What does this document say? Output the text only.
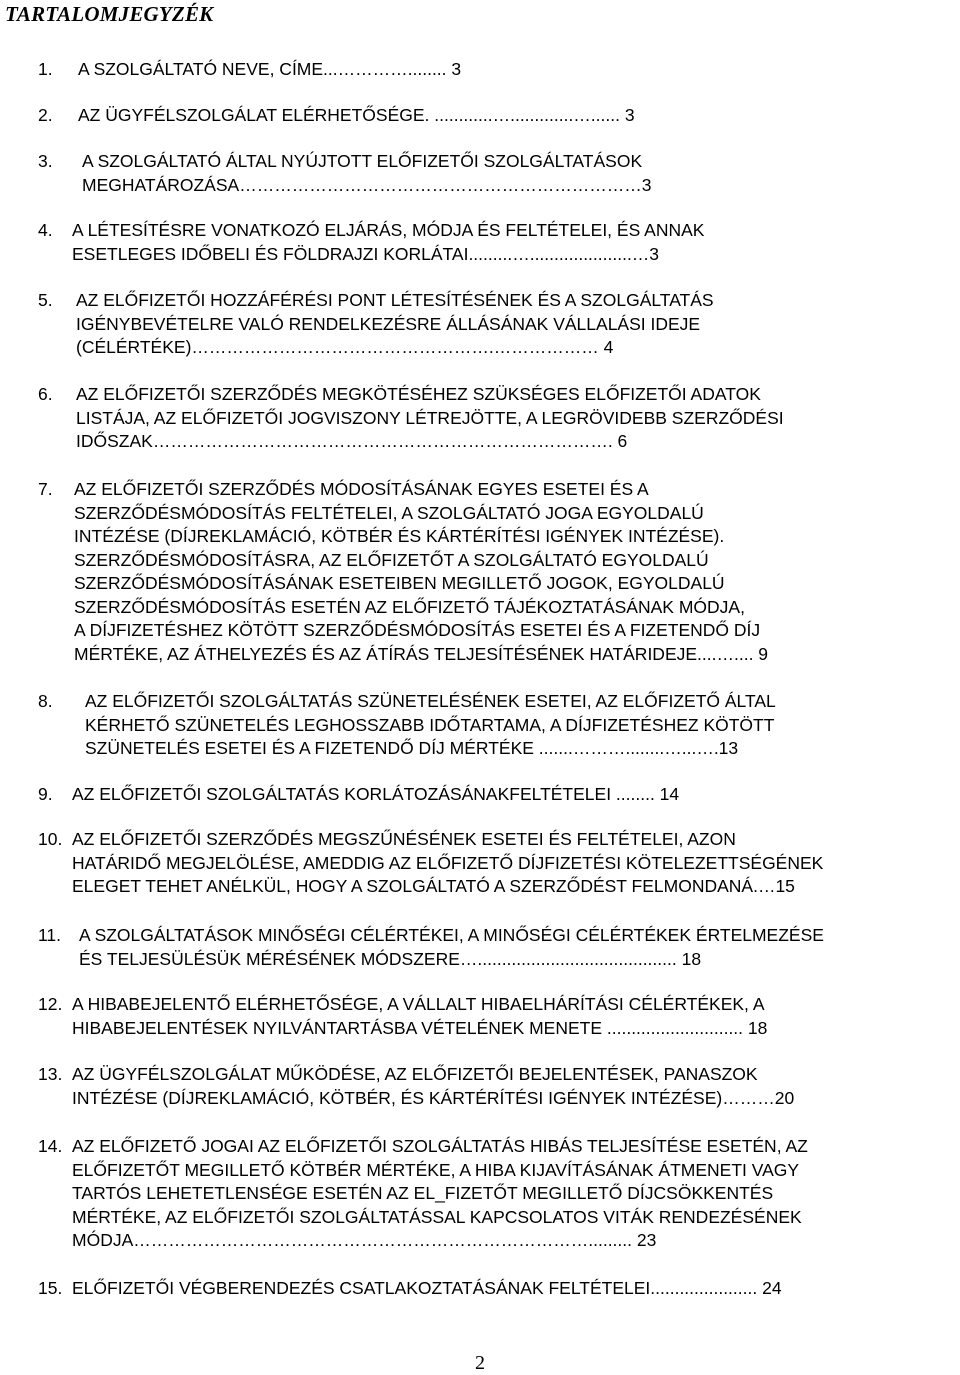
TARTALOMJEGYZÉK
1. A SZOLGÁLTATÓ NEVE, CÍME...…………........ 3
2. AZ ÜGYFÉLSZOLGÁLAT ELÉRHETŐSÉGE. ............….............…...... 3
3. A SZOLGÁLTATÓ ÁLTAL NYÚJTOTT ELŐFIZETŐI SZOLGÁLTATÁSOK
MEGHATÁROZÁSA……………………………………………………………3
4. A LÉTESÍTÉSRE VONATKOZÓ ELJÁRÁS, MÓDJA ÉS FELTÉTELEI, ÉS ANNAK
ESETLEGES IDŐBELI ÉS FÖLDRAJZI KORLÁTAI.........….....................…3
5. AZ ELŐFIZETŐI HOZZÁFÉRÉSI PONT LÉTESÍTÉSÉNEK ÉS A SZOLGÁLTATÁS
IGÉNYBEVÉTELRE VALÓ RENDELKEZÉSRE ÁLLÁSÁNAK VÁLLALÁSI IDEJE
(CÉLÉRTÉKE)…………………………………………….……………… 4
6. AZ ELŐFIZETŐI SZERZŐDÉS MEGKÖTÉSÉHEZ SZÜKSÉGES ELŐFIZETŐI ADATOK
LISTÁJA, AZ ELŐFIZETŐI JOGVISZONY LÉTREJÖTTE, A LEGRÖVIDEBB SZERZŐDÉSI
IDŐSZAK……………………………………………………………………. 6
7. AZ ELŐFIZETŐI SZERZŐDÉS MÓDOSÍTÁSÁNAK EGYES ESETEI ÉS A
SZERZŐDÉSMÓDOSÍTÁS FELTÉTELEI, A SZOLGÁLTATÓ JOGA EGYOLDALÚ
INTÉZÉSE (DÍJREKLAMÁCIÓ, KÖTBÉR ÉS KÁRTÉRÍTÉSI IGÉNYEK INTÉZÉSE).
SZERZŐDÉSMÓDOSÍTÁSRA, AZ ELŐFIZETŐT A SZOLGÁLTATÓ EGYOLDALÚ
SZERZŐDÉSMÓDOSÍTÁSÁNAK ESETEIBEN MEGILLETŐ JOGOK, EGYOLDALÚ
SZERZŐDÉSMÓDOSÍTÁS ESETÉN AZ ELŐFIZETŐ TÁJÉKOZTATÁSÁNAK MÓDJA,
A DÍJFIZETÉSHEZ KÖTÖTT SZERZŐDÉSMÓDOSÍTÁS ESETEI ÉS A FIZETENDŐ DÍJ
MÉRTÉKE, AZ ÁTHELYEZÉS ÉS AZ ÁTÍRÁS TELJESÍTÉSÉNEK HATÁRIDEJE....….... 9
8. AZ ELŐFIZETŐI SZOLGÁLTATÁS SZÜNETELÉSÉNEK ESETEI, AZ ELŐFIZETŐ ÁLTAL
KÉRHETŐ SZÜNETELÉS LEGHOSSZABB IDŐTARTAMA, A DÍJFIZETÉSHEZ KÖTÖTT
SZÜNETELÉS ESETEI ÉS A FIZETENDŐ DÍJ MÉRTÉKE .......………........…...….13
9. AZ ELŐFIZETŐI SZOLGÁLTATÁS KORLÁTOZÁSÁNAKFELTÉTELEI ........ 14
10. AZ ELŐFIZETŐI SZERZŐDÉS MEGSZŰNÉSÉNEK ESETEI ÉS FELTÉTELEI, AZON
HATÁRIDŐ MEGJELÖLÉSE, AMEDDIG AZ ELŐFIZETŐ DÍJFIZETÉSI KÖTELEZETTSÉGÉNEK
ELEGET TEHET ANÉLKÜL, HOGY A SZOLGÁLTATÓ A SZERZŐDÉST FELMONDANÁ.…15
11. A SZOLGÁLTATÁSOK MINŐSÉGI CÉLÉRTÉKEI, A MINŐSÉGI CÉLÉRTÉKEK ÉRTELMEZÉSE
ÉS TELJESÜLÉSÜK MÉRÉSÉNEK MÓDSZERE…......................................... 18
12. A HIBABEJELENTŐ ELÉRHETŐSÉGE, A VÁLLALT HIBAELHÁRÍTÁSI CÉLÉRTÉKEK, A
HIBABEJELENTÉSEK NYILVÁNTARTÁSBA VÉTELÉNEK MENETE ............................ 18
13. AZ ÜGYFÉLSZOLGÁLAT MŰKÖDÉSE, AZ ELŐFIZETŐI BEJELENTÉSEK, PANASZOK
INTÉZÉSE (DÍJREKLAMÁCIÓ, KÖTBÉR, ÉS KÁRTÉRÍTÉSI IGÉNYEK INTÉZÉSE)………20
14. AZ ELŐFIZETŐ JOGAI AZ ELŐFIZETŐI SZOLGÁLTATÁS HIBÁS TELJESÍTÉSE ESETÉN, AZ
ELŐFIZETŐT MEGILLETŐ KÖTBÉR MÉRTÉKE, A HIBA KIJAVÍTÁSÁNAK ÁTMENETI VAGY
TARTÓS LEHETETLENSÉGE ESETÉN AZ EL_FIZETŐT MEGILLETŐ DÍJCSÖKKENTÉS
MÉRTÉKE, AZ ELŐFIZETŐI SZOLGÁLTATÁSSAL KAPCSOLATOS VITÁK RENDEZÉSÉNEK
MÓDJA……………………………………………………………………......... 23
15. ELŐFIZETŐI VÉGBERENDEZÉS CSATLAKOZTATÁSÁNAK FELTÉTELEI...................... 24
2
